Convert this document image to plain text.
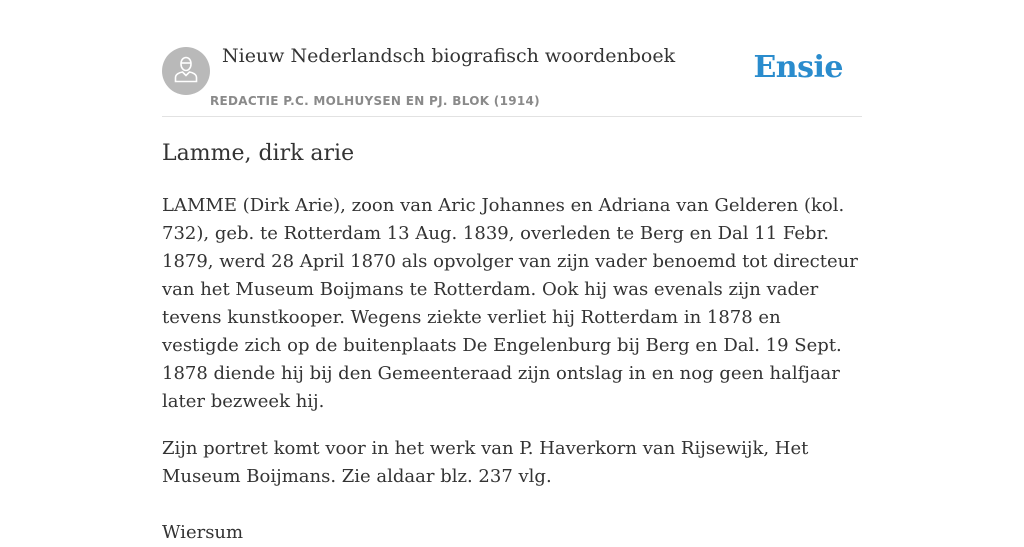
Nieuw Nederlandsch biografisch woordenboek
REDACTIE P.C. MOLHUYSEN EN PJ. BLOK (1914)
Ensie
Lamme, dirk arie

LAMME (Dirk Arie), zoon van Aric Johannes en Adriana van Gelderen (kol. 732), geb. te Rotterdam 13 Aug. 1839, overleden te Berg en Dal 11 Febr. 1879, werd 28 April 1870 als opvolger van zijn vader benoemd tot directeur van het Museum Boijmans te Rotterdam. Ook hij was evenals zijn vader tevens kunstkooper. Wegens ziekte verliet hij Rotterdam in 1878 en vestigde zich op de buitenplaats De Engelenburg bij Berg en Dal. 19 Sept. 1878 diende hij bij den Gemeenteraad zijn ontslag in en nog geen halfjaar later bezweek hij.

Zijn portret komt voor in het werk van P. Haverkorn van Rijsewijk, Het Museum Boijmans. Zie aldaar blz. 237 vlg.

Wiersum
